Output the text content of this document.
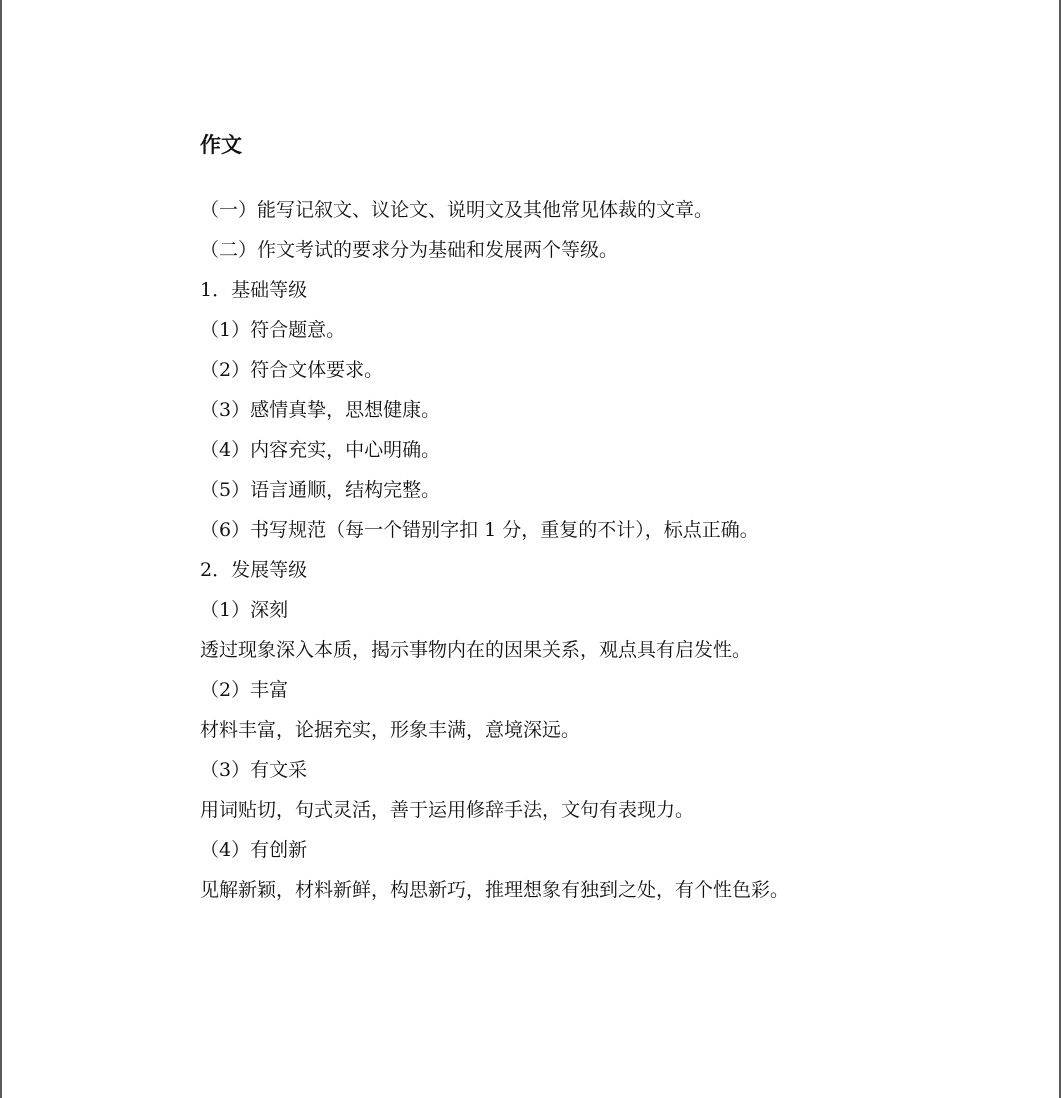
作文
（一）能写记叙文、议论文、说明文及其他常见体裁的文章。
（二）作文考试的要求分为基础和发展两个等级。
1．基础等级
（1）符合题意。
（2）符合文体要求。
（3）感情真挚，思想健康。
（4）内容充实，中心明确。
（5）语言通顺，结构完整。
（6）书写规范（每一个错别字扣 1 分，重复的不计），标点正确。
2．发展等级
（1）深刻
透过现象深入本质，揭示事物内在的因果关系，观点具有启发性。
（2）丰富
材料丰富，论据充实，形象丰满，意境深远。
（3）有文采
用词贴切，句式灵活，善于运用修辞手法，文句有表现力。
（4）有创新
见解新颖，材料新鲜，构思新巧，推理想象有独到之处，有个性色彩。
